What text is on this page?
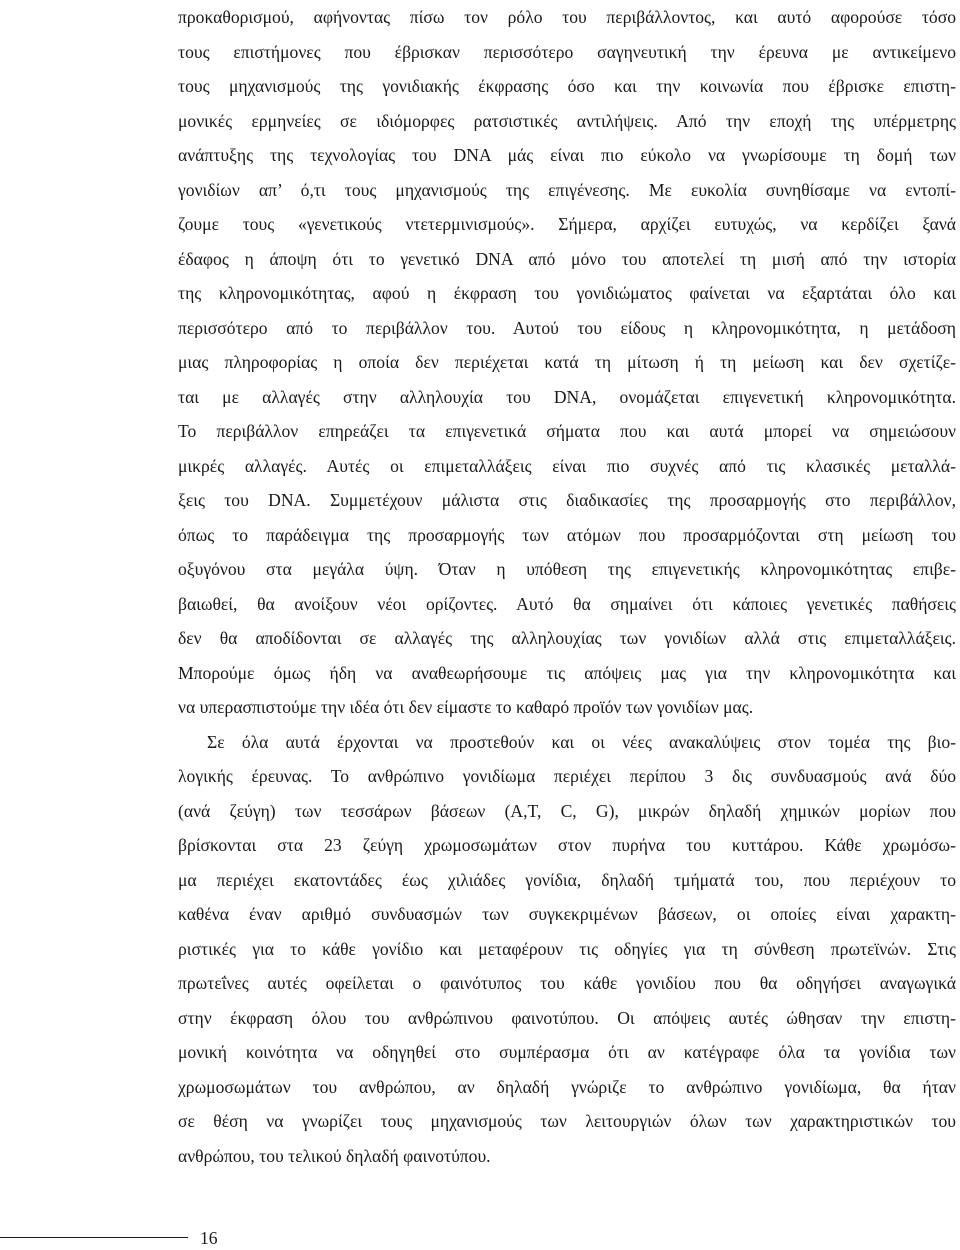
προκαθορισμού, αφήνοντας πίσω τον ρόλο του περιβάλλοντος, και αυτό αφορούσε τόσο
τους επιστήμονες που έβρισκαν περισσότερο σαγηνευτική την έρευνα με αντικείμενο
τους μηχανισμούς της γονιδιακής έκφρασης όσο και την κοινωνία που έβρισκε επιστη-
μονικές ερμηνείες σε ιδιόμορφες ρατσιστικές αντιλήψεις. Από την εποχή της υπέρμετρης
ανάπτυξης της τεχνολογίας του DNA μάς είναι πιο εύκολο να γνωρίσουμε τη δομή των
γονιδίων απ’ ό,τι τους μηχανισμούς της επιγένεσης. Με ευκολία συνηθίσαμε να εντοπί-
ζουμε τους «γενετικούς ντετερμινισμούς». Σήμερα, αρχίζει ευτυχώς, να κερδίζει ξανά
έδαφος η άποψη ότι το γενετικό DNA από μόνο του αποτελεί τη μισή από την ιστορία
της κληρονομικότητας, αφού η έκφραση του γονιδιώματος φαίνεται να εξαρτάται όλο και
περισσότερο από το περιβάλλον του. Αυτού του είδους η κληρονομικότητα, η μετάδοση
μιας πληροφορίας η οποία δεν περιέχεται κατά τη μίτωση ή τη μείωση και δεν σχετίζε-
ται με αλλαγές στην αλληλουχία του DNA, ονομάζεται επιγενετική κληρονομικότητα.
Το περιβάλλον επηρεάζει τα επιγενετικά σήματα που και αυτά μπορεί να σημειώσουν
μικρές αλλαγές. Αυτές οι επιμεταλλάξεις είναι πιο συχνές από τις κλασικές μεταλλά-
ξεις του DNA. Συμμετέχουν μάλιστα στις διαδικασίες της προσαρμογής στο περιβάλλον,
όπως το παράδειγμα της προσαρμογής των ατόμων που προσαρμόζονται στη μείωση του
οξυγόνου στα μεγάλα ύψη. Όταν η υπόθεση της επιγενετικής κληρονομικότητας επιβε-
βαιωθεί, θα ανοίξουν νέοι ορίζοντες. Αυτό θα σημαίνει ότι κάποιες γενετικές παθήσεις
δεν θα αποδίδονται σε αλλαγές της αλληλουχίας των γονιδίων αλλά στις επιμεταλλάξεις.
Μπορούμε όμως ήδη να αναθεωρήσουμε τις απόψεις μας για την κληρονομικότητα και
να υπερασπιστούμε την ιδέα ότι δεν είμαστε το καθαρό προϊόν των γονιδίων μας.
Σε όλα αυτά έρχονται να προστεθούν και οι νέες ανακαλύψεις στον τομέα της βιο-
λογικής έρευνας. Το ανθρώπινο γονιδίωμα περιέχει περίπου 3 δις συνδυασμούς ανά δύο
(ανά ζεύγη) των τεσσάρων βάσεων (A,T, C, G), μικρών δηλαδή χημικών μορίων που
βρίσκονται στα 23 ζεύγη χρωμοσωμάτων στον πυρήνα του κυττάρου. Κάθε χρωμόσω-
μα περιέχει εκατοντάδες έως χιλιάδες γονίδια, δηλαδή τμήματά του, που περιέχουν το
καθένα έναν αριθμό συνδυασμών των συγκεκριμένων βάσεων, οι οποίες είναι χαρακτη-
ριστικές για το κάθε γονίδιο και μεταφέρουν τις οδηγίες για τη σύνθεση πρωτεϊνών. Στις
πρωτεΐνες αυτές οφείλεται ο φαινότυπος του κάθε γονιδίου που θα οδηγήσει αναγωγικά
στην έκφραση όλου του ανθρώπινου φαινοτύπου. Οι απόψεις αυτές ώθησαν την επιστη-
μονική κοινότητα να οδηγηθεί στο συμπέρασμα ότι αν κατέγραφε όλα τα γονίδια των
χρωμοσωμάτων του ανθρώπου, αν δηλαδή γνώριζε το ανθρώπινο γονιδίωμα, θα ήταν
σε θέση να γνωρίζει τους μηχανισμούς των λειτουργιών όλων των χαρακτηριστικών του
ανθρώπου, του τελικού δηλαδή φαινοτύπου.
16
